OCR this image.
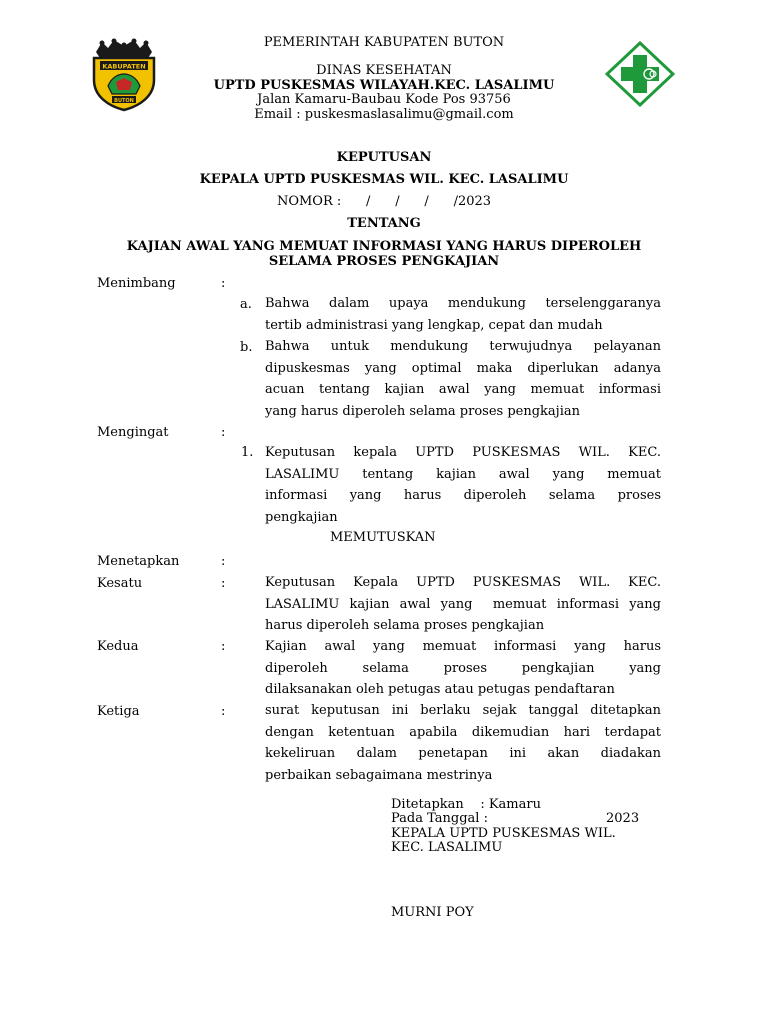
KABUPATEN
BUTON
PEMERINTAH KABUPATEN BUTON
DINAS KESEHATAN
UPTD PUSKESMAS WILAYAH.KEC. LASALIMU
Jalan Kamaru-Baubau Kode Pos 93756
Email : puskesmaslasalimu@gmail.com
KEPUTUSAN
KEPALA UPTD PUSKESMAS WIL. KEC. LASALIMU
NOMOR :      /      /      /      /2023
TENTANG
KAJIAN AWAL YANG MEMUAT INFORMASI YANG HARUS DIPEROLEH
SELAMA PROSES PENGKAJIAN
Menimbang	:
a. Bahwa dalam upaya mendukung terselenggaranya
tertib administrasi yang lengkap, cepat dan mudah
b. Bahwa untuk mendukung terwujudnya pelayanan
dipuskesmas yang optimal maka diperlukan adanya
acuan tentang kajian awal yang memuat informasi
yang harus diperoleh selama proses pengkajian
Mengingat	:
1. Keputusan kepala UPTD PUSKESMAS WIL. KEC.
LASALIMU tentang kajian awal yang memuat
informasi yang harus diperoleh selama proses
pengkajian
MEMUTUSKAN
Menetapkan	:
Kesatu	:	Keputusan Kepala UPTD PUSKESMAS WIL. KEC.
LASALIMU kajian awal yang  memuat informasi yang
harus diperoleh selama proses pengkajian
Kedua	:	Kajian awal yang memuat informasi yang harus
diperoleh selama proses pengkajian yang
dilaksanakan oleh petugas atau petugas pendaftaran
Ketiga	:	surat keputusan ini berlaku sejak tanggal ditetapkan
dengan ketentuan apabila dikemudian hari terdapat
kekeliruan dalam penetapan ini akan diadakan
perbaikan sebagaimana mestrinya
Ditetapkan    : Kamaru
Pada Tanggal :	2023
KEPALA UPTD PUSKESMAS WIL.
KEC. LASALIMU
MURNI POY
